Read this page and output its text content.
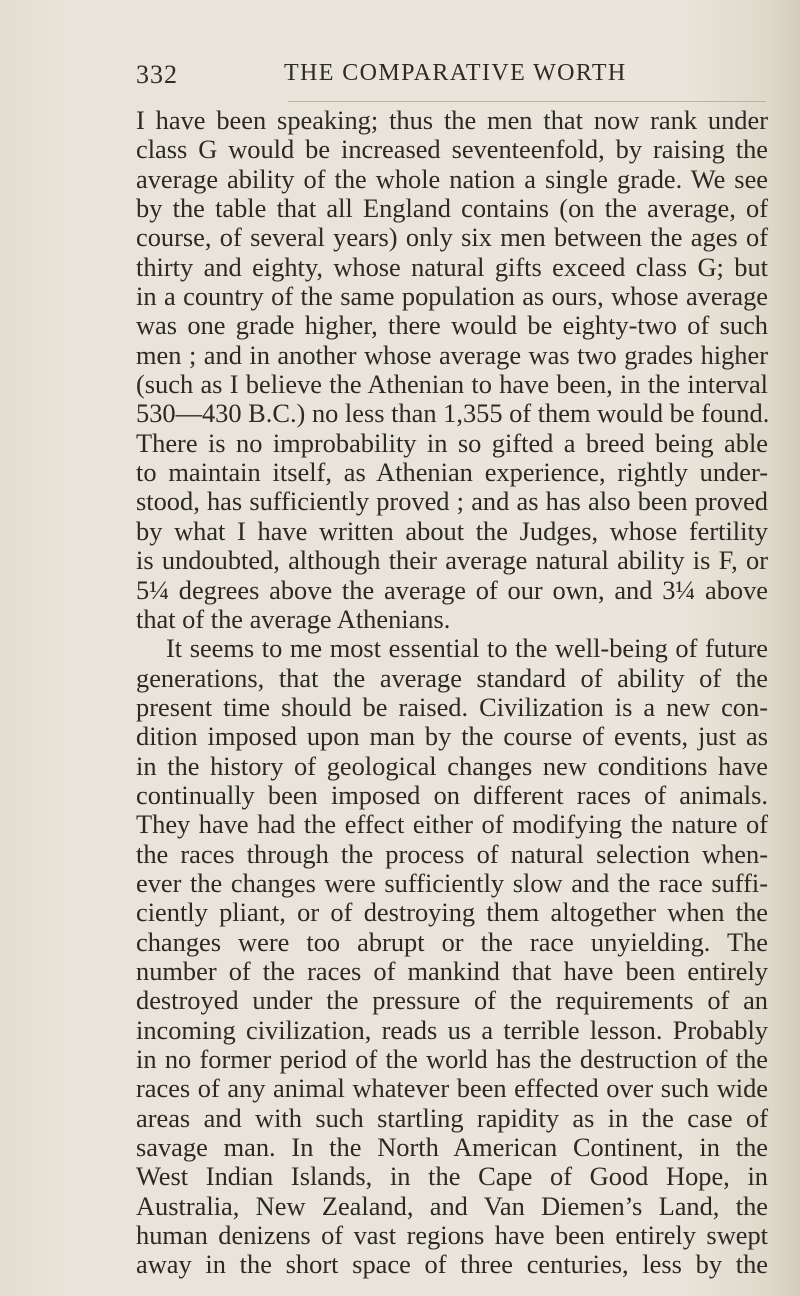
332	THE COMPARATIVE WORTH
I have been speaking; thus the men that now rank under
class G would be increased seventeenfold, by raising the
average ability of the whole nation a single grade. We see
by the table that all England contains (on the average, of
course, of several years) only six men between the ages of
thirty and eighty, whose natural gifts exceed class G; but
in a country of the same population as ours, whose average
was one grade higher, there would be eighty-two of such
men ; and in another whose average was two grades higher
(such as I believe the Athenian to have been, in the interval
530—430 B.C.) no less than 1,355 of them would be found.
There is no improbability in so gifted a breed being able
to maintain itself, as Athenian experience, rightly under-
stood, has sufficiently proved ; and as has also been proved
by what I have written about the Judges, whose fertility
is undoubted, although their average natural ability is F, or
5¼ degrees above the average of our own, and 3¼ above
that of the average Athenians.
It seems to me most essential to the well-being of future
generations, that the average standard of ability of the
present time should be raised. Civilization is a new con-
dition imposed upon man by the course of events, just as
in the history of geological changes new conditions have
continually been imposed on different races of animals.
They have had the effect either of modifying the nature of
the races through the process of natural selection when-
ever the changes were sufficiently slow and the race suffi-
ciently pliant, or of destroying them altogether when the
changes were too abrupt or the race unyielding. The
number of the races of mankind that have been entirely
destroyed under the pressure of the requirements of an
incoming civilization, reads us a terrible lesson. Probably
in no former period of the world has the destruction of the
races of any animal whatever been effected over such wide
areas and with such startling rapidity as in the case of
savage man. In the North American Continent, in the
West Indian Islands, in the Cape of Good Hope, in
Australia, New Zealand, and Van Diemen’s Land, the
human denizens of vast regions have been entirely swept
away in the short space of three centuries, less by the
